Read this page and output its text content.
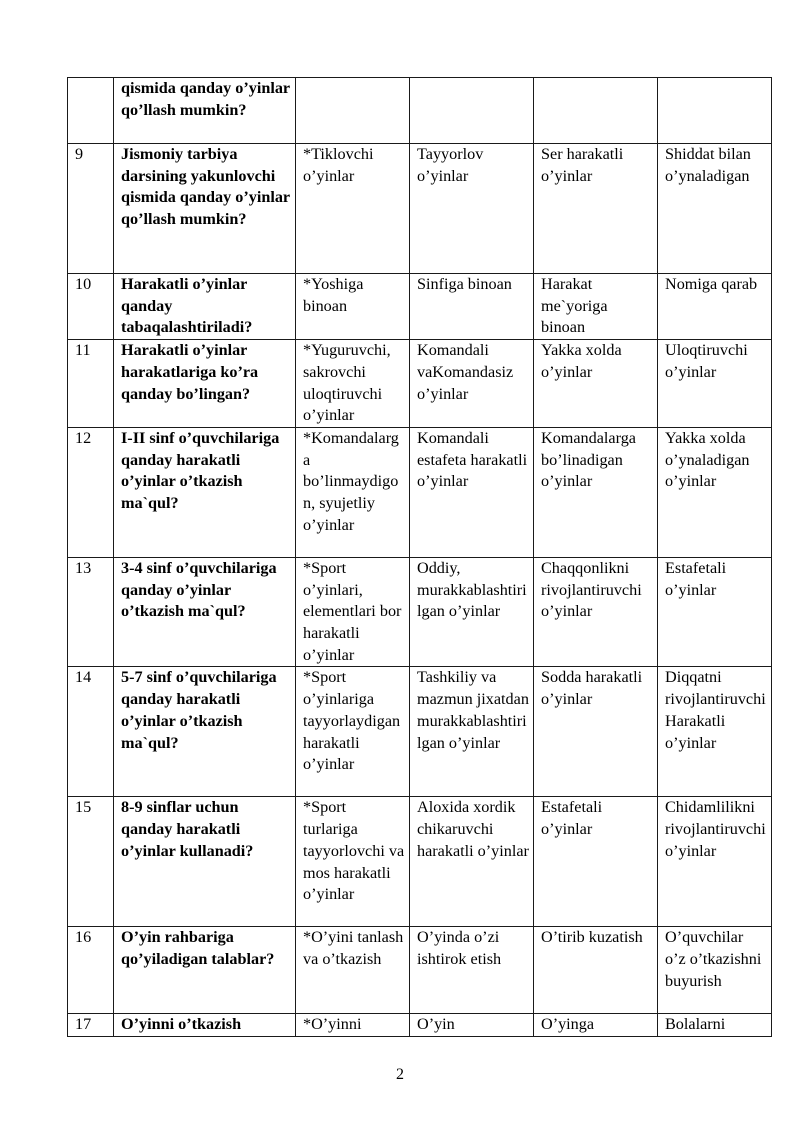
	qismida qanday o’yinlar qo’llash mumkin?				
9	Jismoniy tarbiya darsining yakunlovchi qismida qanday o’yinlar qo’llash mumkin?	*Tiklovchi o’yinlar	Tayyorlov o’yinlar	Ser harakatli o’yinlar	Shiddat bilan o’ynaladigan
10	Harakatli o’yinlar qanday tabaqalashtiriladi?	*Yoshiga binoan	Sinfiga binoan	Harakat me`yoriga binoan	Nomiga qarab
11	Harakatli o’yinlar harakatlariga ko’ra qanday bo’lingan?	*Yuguruvchi, sakrovchi uloqtiruvchi o’yinlar	Komandali vaKomandasiz o’yinlar	Yakka xolda o’yinlar	Uloqtiruvchi o’yinlar
12	I-II sinf o’quvchilariga qanday harakatli o’yinlar o’tkazish ma`qul?	*Komandalarga bo’linmaydigon, syujetliy o’yinlar	Komandali estafeta harakatli o’yinlar	Komandalarga bo’linadigan o’yinlar	Yakka xolda o’ynaladigan o’yinlar
13	3-4 sinf o’quvchilariga qanday o’yinlar o’tkazish ma`qul?	*Sport o’yinlari, elementlari bor harakatli o’yinlar	Oddiy, murakkablashtirilgan o’yinlar	Chaqqonlikni rivojlantiruvchi o’yinlar	Estafetali o’yinlar
14	5-7 sinf o’quvchilariga qanday harakatli o’yinlar o’tkazish ma`qul?	*Sport o’yinlariga tayyorlaydigan harakatli o’yinlar	Tashkiliy va mazmun jixatdan murakkablashtirilgan o’yinlar	Sodda harakatli o’yinlar	Diqqatni rivojlantiruvchi Harakatli o’yinlar
15	8-9 sinflar uchun qanday harakatli o’yinlar kullanadi?	*Sport turlariga tayyorlovchi va mos harakatli o’yinlar	Aloxida xordik chikaruvchi harakatli o’yinlar	Estafetali o’yinlar	Chidamlilikni rivojlantiruvchi o’yinlar
16	O’yin rahbariga qo’yiladigan talablar?	*O’yini tanlash va o’tkazish	O’yinda o’zi ishtirok etish	O’tirib kuzatish	O’quvchilar o’z o’tkazishni buyurish
17	O’yinni o’tkazish	*O’yinni	O’yin	O’yinga	Bolalarni
2
